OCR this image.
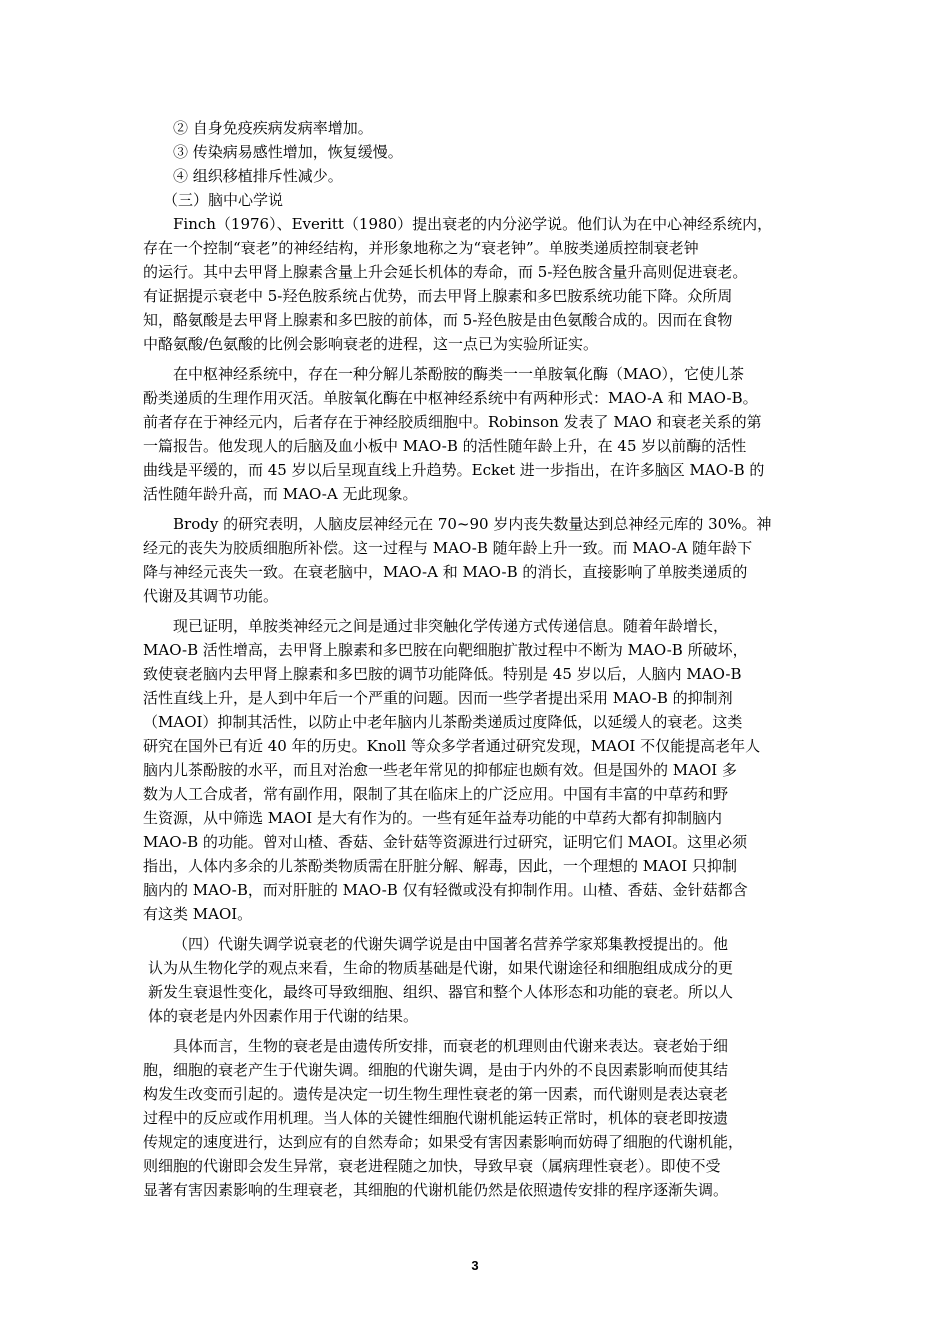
② 自身免疫疾病发病率增加。
③ 传染病易感性增加，恢复缓慢。
④ 组织移植排斥性减少。
（三）脑中心学说
Finch（1976）、Everitt（1980）提出衰老的内分泌学说。他们认为在中心神经系统内，
存在一个控制“衰老”的神经结构，并形象地称之为“衰老钟”。单胺类递质控制衰老钟
的运行。其中去甲肾上腺素含量上升会延长机体的寿命，而 5-羟色胺含量升高则促进衰老。
有证据提示衰老中 5-羟色胺系统占优势，而去甲肾上腺素和多巴胺系统功能下降。众所周
知，酪氨酸是去甲肾上腺素和多巴胺的前体，而 5-羟色胺是由色氨酸合成的。因而在食物
中酪氨酸/色氨酸的比例会影响衰老的进程，这一点已为实验所证实。
在中枢神经系统中，存在一种分解儿茶酚胺的酶类一一单胺氧化酶（MAO），它使儿茶
酚类递质的生理作用灭活。单胺氧化酶在中枢神经系统中有两种形式：MAO-A 和 MAO-B。
前者存在于神经元内，后者存在于神经胶质细胞中。Robinson 发表了 MAO 和衰老关系的第
一篇报告。他发现人的后脑及血小板中 MAO-B 的活性随年龄上升，在 45 岁以前酶的活性
曲线是平缓的，而 45 岁以后呈现直线上升趋势。Ecket 进一步指出，在许多脑区 MAO-B 的
活性随年龄升高，而 MAO-A 无此现象。
Brody 的研究表明，人脑皮层神经元在 70~90 岁内丧失数量达到总神经元库的 30%。神
经元的丧失为胶质细胞所补偿。这一过程与 MAO-B 随年龄上升一致。而 MAO-A 随年龄下
降与神经元丧失一致。在衰老脑中，MAO-A 和 MAO-B 的消长，直接影响了单胺类递质的
代谢及其调节功能。
现已证明，单胺类神经元之间是通过非突触化学传递方式传递信息。随着年龄增长，
MAO-B 活性增高，去甲肾上腺素和多巴胺在向靶细胞扩散过程中不断为 MAO-B 所破坏，
致使衰老脑内去甲肾上腺素和多巴胺的调节功能降低。特别是 45 岁以后，人脑内 MAO-B
活性直线上升，是人到中年后一个严重的问题。因而一些学者提出采用 MAO-B 的抑制剂
（MAOI）抑制其活性，以防止中老年脑内儿茶酚类递质过度降低，以延缓人的衰老。这类
研究在国外已有近 40 年的历史。Knoll 等众多学者通过研究发现，MAOI 不仅能提高老年人
脑内儿茶酚胺的水平，而且对治愈一些老年常见的抑郁症也颇有效。但是国外的 MAOI 多
数为人工合成者，常有副作用，限制了其在临床上的广泛应用。中国有丰富的中草药和野
生资源，从中筛选 MAOI 是大有作为的。一些有延年益寿功能的中草药大都有抑制脑内
MAO-B 的功能。曾对山楂、香菇、金针菇等资源进行过研究，证明它们 MAOI。这里必须
指出，人体内多余的儿茶酚类物质需在肝脏分解、解毒，因此，一个理想的 MAOI 只抑制
脑内的 MAO-B，而对肝脏的 MAO-B 仅有轻微或没有抑制作用。山楂、香菇、金针菇都含
有这类 MAOI。
（四）代谢失调学说衰老的代谢失调学说是由中国著名营养学家郑集教授提出的。他
认为从生物化学的观点来看，生命的物质基础是代谢，如果代谢途径和细胞组成成分的更
新发生衰退性变化，最终可导致细胞、组织、器官和整个人体形态和功能的衰老。所以人
体的衰老是内外因素作用于代谢的结果。
具体而言，生物的衰老是由遗传所安排，而衰老的机理则由代谢来表达。衰老始于细
胞，细胞的衰老产生于代谢失调。细胞的代谢失调，是由于内外的不良因素影响而使其结
构发生改变而引起的。遗传是决定一切生物生理性衰老的第一因素，而代谢则是表达衰老
过程中的反应或作用机理。当人体的关键性细胞代谢机能运转正常时，机体的衰老即按遗
传规定的速度进行，达到应有的自然寿命；如果受有害因素影响而妨碍了细胞的代谢机能，
则细胞的代谢即会发生异常，衰老进程随之加快，导致早衰（属病理性衰老）。即使不受
显著有害因素影响的生理衰老，其细胞的代谢机能仍然是依照遗传安排的程序逐渐失调。
3
